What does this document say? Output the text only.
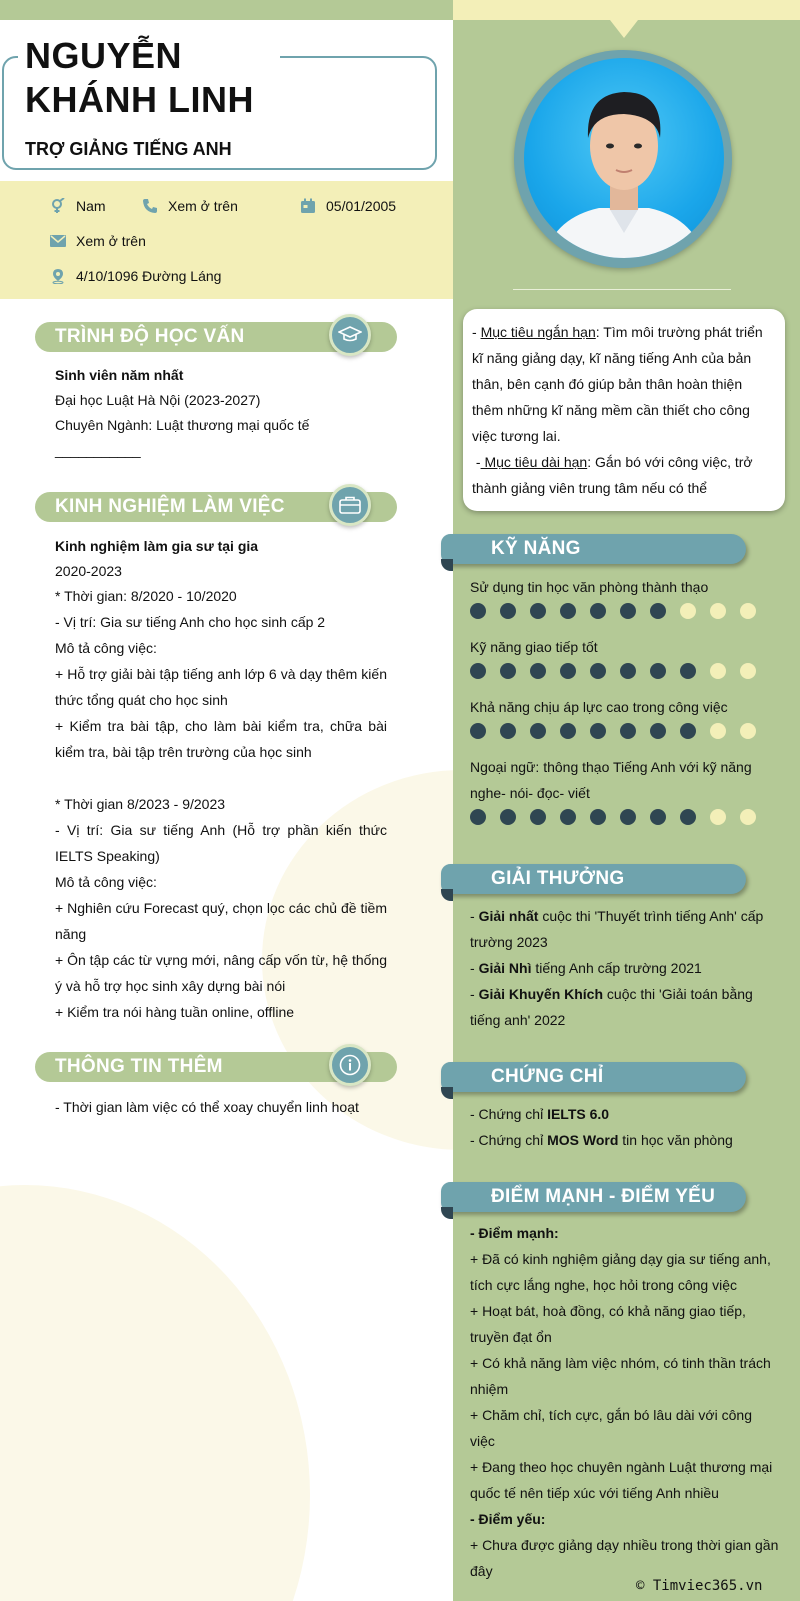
NGUYỄN
KHÁNH LINH
TRỢ GIẢNG TIẾNG ANH
Nam	Xem ở trên	05/01/2005
Xem ở trên
4/10/1096 Đường Láng
TRÌNH ĐỘ HỌC VẤN
Sinh viên năm nhất
Đại học Luật Hà Nội (2023-2027)
Chuyên Ngành: Luật thương mại quốc tế
___________
KINH NGHIỆM LÀM VIỆC
Kinh nghiệm làm gia sư tại gia
2020-2023
* Thời gian: 8/2020 - 10/2020
- Vị trí: Gia sư tiếng Anh cho học sinh cấp 2
Mô tả công việc:
+ Hỗ trợ giải bài tập tiếng anh lớp 6 và dạy thêm kiến thức tổng quát cho học sinh
+ Kiểm tra bài tập, cho làm bài kiểm tra, chữa bài kiểm tra, bài tập trên trường của học sinh
* Thời gian 8/2023 - 9/2023
- Vị trí: Gia sư tiếng Anh (Hỗ trợ phần kiến thức IELTS Speaking)
Mô tả công việc:
+ Nghiên cứu Forecast quý, chọn lọc các chủ đề tiềm năng
+ Ôn tập các từ vựng mới, nâng cấp vốn từ, hệ thống ý và hỗ trợ học sinh xây dựng bài nói
+ Kiểm tra nói hàng tuần online, offline
THÔNG TIN THÊM
- Thời gian làm việc có thể xoay chuyển linh hoạt
- Mục tiêu ngắn hạn: Tìm môi trường phát triển kĩ năng giảng dạy, kĩ năng tiếng Anh của bản thân, bên cạnh đó giúp bản thân hoàn thiện thêm những kĩ năng mềm cần thiết cho công việc tương lai.
- Mục tiêu dài hạn: Gắn bó với công việc, trở thành giảng viên trung tâm nếu có thể
KỸ NĂNG
Sử dụng tin học văn phòng thành thạo
Kỹ năng giao tiếp tốt
Khả năng chịu áp lực cao trong công việc
Ngoại ngữ: thông thạo Tiếng Anh với kỹ năng nghe- nói- đọc- viết
GIẢI THƯỞNG
- Giải nhất cuộc thi 'Thuyết trình tiếng Anh' cấp trường 2023
- Giải Nhì tiếng Anh cấp trường 2021
- Giải Khuyến Khích cuộc thi 'Giải toán bằng tiếng anh' 2022
CHỨNG CHỈ
- Chứng chỉ IELTS 6.0
- Chứng chỉ MOS Word tin học văn phòng
ĐIỂM MẠNH - ĐIỂM YẾU
- Điểm mạnh:
+ Đã có kinh nghiệm giảng dạy gia sư tiếng anh, tích cực lắng nghe, học hỏi trong công việc
+ Hoạt bát, hoà đồng, có khả năng giao tiếp, truyền đạt ổn
+ Có khả năng làm việc nhóm, có tinh thần trách nhiệm
+ Chăm chỉ, tích cực, gắn bó lâu dài với công việc
+ Đang theo học chuyên ngành Luật thương mại quốc tế nên tiếp xúc với tiếng Anh nhiều
- Điểm yếu:
+ Chưa được giảng dạy nhiều trong thời gian gần đây
© Timviec365.vn
